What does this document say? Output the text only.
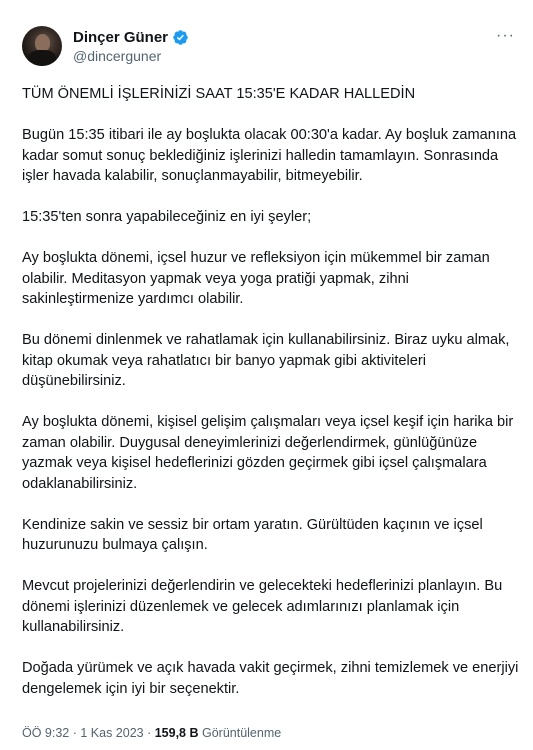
Dinçer Güner
@dincerguner
···

TÜM ÖNEMLİ İŞLERİNİZİ SAAT 15:35'E KADAR HALLEDİN

Bugün 15:35 itibari ile ay boşlukta olacak 00:30'a kadar. Ay boşluk zamanına kadar somut sonuç beklediğiniz işlerinizi halledin tamamlayın. Sonrasında işler havada kalabilir, sonuçlanmayabilir, bitmeyebilir.

15:35'ten sonra yapabileceğiniz en iyi şeyler;

Ay boşlukta dönemi, içsel huzur ve refleksiyon için mükemmel bir zaman olabilir. Meditasyon yapmak veya yoga pratiği yapmak, zihni sakinleştirmenize yardımcı olabilir.

Bu dönemi dinlenmek ve rahatlamak için kullanabilirsiniz. Biraz uyku almak, kitap okumak veya rahatlatıcı bir banyo yapmak gibi aktiviteleri düşünebilirsiniz.

Ay boşlukta dönemi, kişisel gelişim çalışmaları veya içsel keşif için harika bir zaman olabilir. Duygusal deneyimlerinizi değerlendirmek, günlüğünüze yazmak veya kişisel hedeflerinizi gözden geçirmek gibi içsel çalışmalara odaklanabilirsiniz.

Kendinize sakin ve sessiz bir ortam yaratın. Gürültüden kaçının ve içsel huzurunuzu bulmaya çalışın.

Mevcut projelerinizi değerlendirin ve gelecekteki hedeflerinizi planlayın. Bu dönemi işlerinizi düzenlemek ve gelecek adımlarınızı planlamak için kullanabilirsiniz.

Doğada yürümek ve açık havada vakit geçirmek, zihni temizlemek ve enerjiyi dengelemek için iyi bir seçenektir.

ÖÖ 9:32 · 1 Kas 2023 · 159,8 B Görüntülenme
